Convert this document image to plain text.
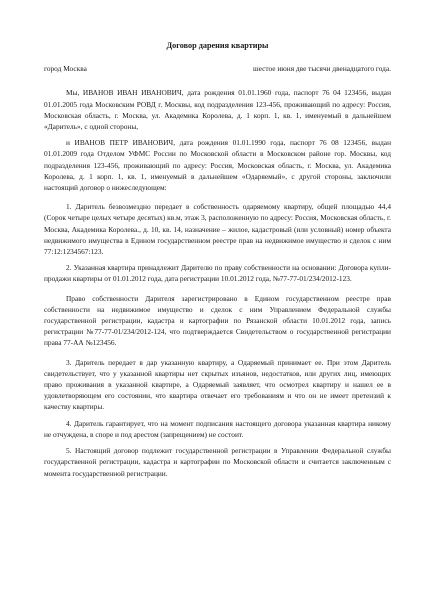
Договор дарения квартиры
город Москва	шестое июня две тысячи двенадцатого года.

Мы, ИВАНОВ ИВАН ИВАНОВИЧ, дата рождения 01.01.1960 года, паспорт 76 04 123456, выдан 01.01.2005 года Московским РОВД г. Москвы, код подразделения 123-456, проживающий по адресу: Россия, Московская область, г. Москва, ул. Академика Королева, д. 1 корп. 1, кв. 1, именуемый в дальнейшем «Даритель», с одной стороны,

и ИВАНОВ ПЕТР ИВАНОВИЧ, дата рождения 01.01.1990 года, паспорт 76 08 123456, выдан 01.01.2009 года Отделом УФМС России по Московской области в Московском районе гор. Москвы, код подразделения 123-456, проживающий по адресу: Россия, Московская область, г. Москва, ул. Академика Королева, д. 1 корп. 1, кв. 1, именуемый в дальнейшем «Одаряемый», с другой стороны, заключили настоящий договор о нижеследующем:

1. Даритель безвозмездно передает в собственность одаряемому квартиру, общей площадью 44,4 (Сорок четыре целых четыре десятых) кв.м, этаж 3, расположенную по адресу: Россия, Московская область, г. Москва, Академика Королева., д. 10, кв. 14, назначение – жилое, кадастровый (или условный) номер объекта недвижимого имущества в Едином государственном реестре прав на недвижимое имущество и сделок с ним 77:12:1234567:123.

2. Указанная квартира принадлежит Дарителю по праву собственности на основании: Договора купли-продажи квартиры от 01.01.2012 года, дата регистрации 10.01.2012 года, №77-77-01/234/2012-123.

Право собственности Дарителя зарегистрировано в Едином государственном реестре прав собственности на недвижимое имущество и сделок с ним Управлением Федеральной службы государственной регистрации, кадастра и картографии по Рязанской области 10.01.2012 года, запись регистрации №77-77-01/234/2012-124, что подтверждается Свидетельством о государственной регистрации права 77-АА №123456.

3. Даритель передает в дар указанную квартиру, а Одаряемый принимает ее. При этом Даритель свидетельствует, что у указанной квартиры нет скрытых изъянов, недостатков, или других лиц, имеющих право проживания в указанной квартире, а Одаряемый заявляет, что осмотрел квартиру и нашел ее в удовлетворяющем его состоянии, что квартира отвечает его требованиям и что он не имеет претензий к качеству квартиры.

4. Даритель гарантирует, что на момент подписания настоящего договора указанная квартира никому не отчуждена, в споре и под арестом (запрещением) не состоит.

5. Настоящий договор подлежит государственной регистрации в Управлении Федеральной службы государственной регистрации, кадастра и картографии по Московской области и считается заключенным с момента государственной регистрации.
